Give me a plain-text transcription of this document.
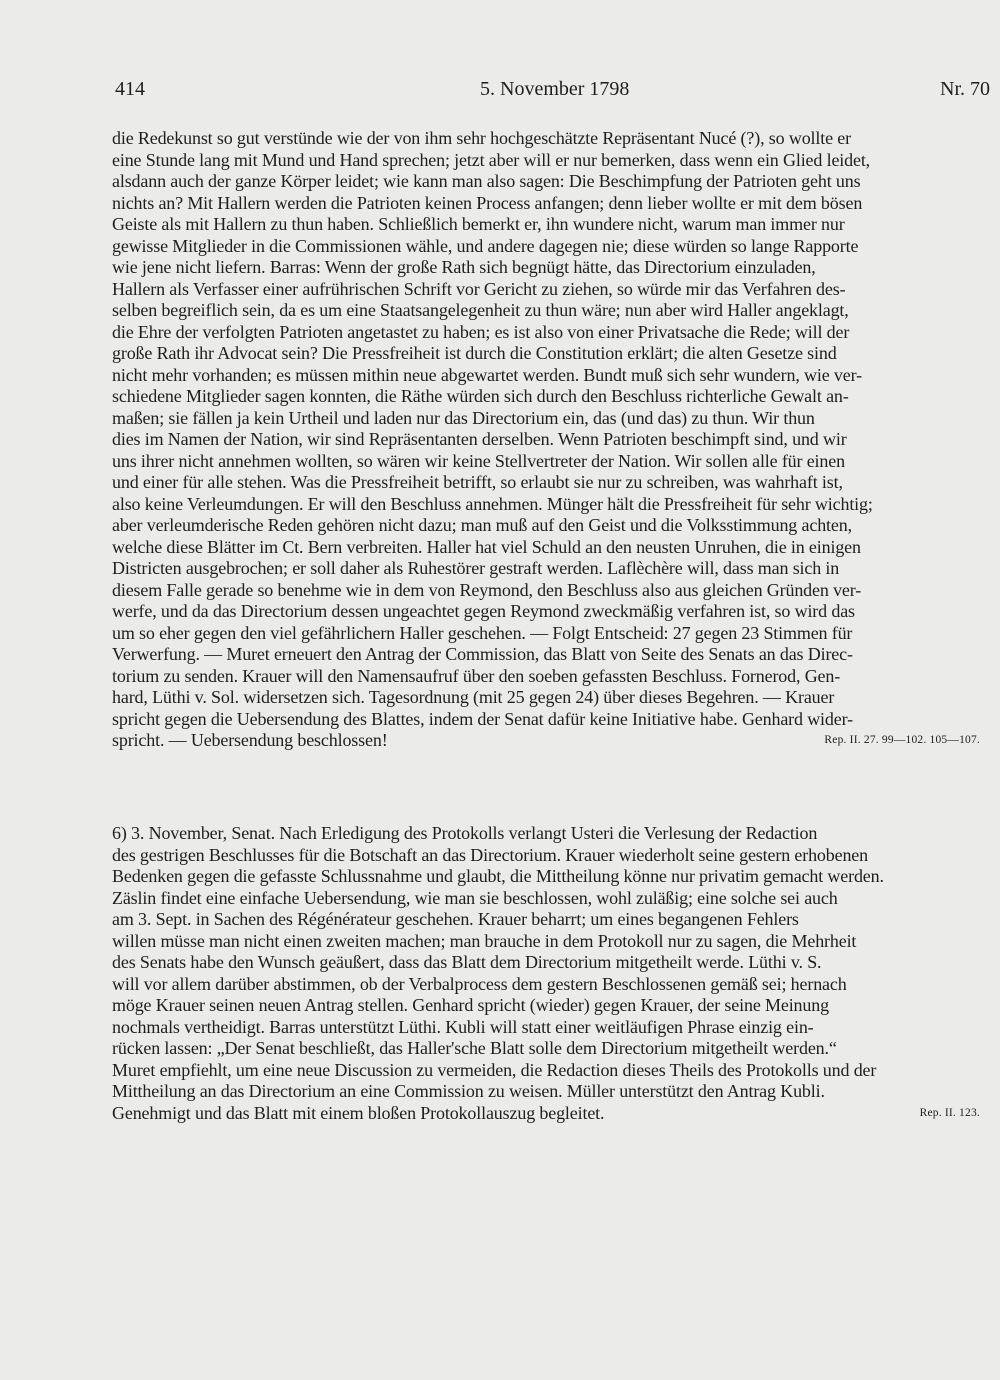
414	5. November 1798	Nr. 70
die Redekunst so gut verstünde wie der von ihm sehr hochgeschätzte Repräsentant Nucé (?), so wollte er
eine Stunde lang mit Mund und Hand sprechen; jetzt aber will er nur bemerken, dass wenn ein Glied leidet,
alsdann auch der ganze Körper leidet; wie kann man also sagen: Die Beschimpfung der Patrioten geht uns
nichts an? Mit Hallern werden die Patrioten keinen Process anfangen; denn lieber wollte er mit dem bösen
Geiste als mit Hallern zu thun haben. Schließlich bemerkt er, ihn wundere nicht, warum man immer nur
gewisse Mitglieder in die Commissionen wähle, und andere dagegen nie; diese würden so lange Rapporte
wie jene nicht liefern. Barras: Wenn der große Rath sich begnügt hätte, das Directorium einzuladen,
Hallern als Verfasser einer aufrührischen Schrift vor Gericht zu ziehen, so würde mir das Verfahren des-
selben begreiflich sein, da es um eine Staatsangelegenheit zu thun wäre; nun aber wird Haller angeklagt,
die Ehre der verfolgten Patrioten angetastet zu haben; es ist also von einer Privatsache die Rede; will der
große Rath ihr Advocat sein? Die Pressfreiheit ist durch die Constitution erklärt; die alten Gesetze sind
nicht mehr vorhanden; es müssen mithin neue abgewartet werden. Bundt muß sich sehr wundern, wie ver-
schiedene Mitglieder sagen konnten, die Räthe würden sich durch den Beschluss richterliche Gewalt an-
maßen; sie fällen ja kein Urtheil und laden nur das Directorium ein, das (und das) zu thun. Wir thun
dies im Namen der Nation, wir sind Repräsentanten derselben. Wenn Patrioten beschimpft sind, und wir
uns ihrer nicht annehmen wollten, so wären wir keine Stellvertreter der Nation. Wir sollen alle für einen
und einer für alle stehen. Was die Pressfreiheit betrifft, so erlaubt sie nur zu schreiben, was wahrhaft ist,
also keine Verleumdungen. Er will den Beschluss annehmen. Münger hält die Pressfreiheit für sehr wichtig;
aber verleumderische Reden gehören nicht dazu; man muß auf den Geist und die Volksstimmung achten,
welche diese Blätter im Ct. Bern verbreiten. Haller hat viel Schuld an den neusten Unruhen, die in einigen
Districten ausgebrochen; er soll daher als Ruhestörer gestraft werden. Laflèchère will, dass man sich in
diesem Falle gerade so benehme wie in dem von Reymond, den Beschluss also aus gleichen Gründen ver-
werfe, und da das Directorium dessen ungeachtet gegen Reymond zweckmäßig verfahren ist, so wird das
um so eher gegen den viel gefährlichern Haller geschehen. — Folgt Entscheid: 27 gegen 23 Stimmen für
Verwerfung. — Muret erneuert den Antrag der Commission, das Blatt von Seite des Senats an das Direc-
torium zu senden. Krauer will den Namensaufruf über den soeben gefassten Beschluss. Fornerod, Gen-
hard, Lüthi v. Sol. widersetzen sich. Tagesordnung (mit 25 gegen 24) über dieses Begehren. — Krauer
spricht gegen die Uebersendung des Blattes, indem der Senat dafür keine Initiative habe. Genhard wider-
spricht. — Uebersendung beschlossen!	Rep. II. 27. 99—102. 105—107.
6) 3. November, Senat. Nach Erledigung des Protokolls verlangt Usteri die Verlesung der Redaction
des gestrigen Beschlusses für die Botschaft an das Directorium. Krauer wiederholt seine gestern erhobenen
Bedenken gegen die gefasste Schlussnahme und glaubt, die Mittheilung könne nur privatim gemacht werden.
Zäslin findet eine einfache Uebersendung, wie man sie beschlossen, wohl zuläßig; eine solche sei auch
am 3. Sept. in Sachen des Régénérateur geschehen. Krauer beharrt; um eines begangenen Fehlers
willen müsse man nicht einen zweiten machen; man brauche in dem Protokoll nur zu sagen, die Mehrheit
des Senats habe den Wunsch geäußert, dass das Blatt dem Directorium mitgetheilt werde. Lüthi v. S.
will vor allem darüber abstimmen, ob der Verbalprocess dem gestern Beschlossenen gemäß sei; hernach
möge Krauer seinen neuen Antrag stellen. Genhard spricht (wieder) gegen Krauer, der seine Meinung
nochmals vertheidigt. Barras unterstützt Lüthi. Kubli will statt einer weitläufigen Phrase einzig ein-
rücken lassen: „Der Senat beschließt, das Haller'sche Blatt solle dem Directorium mitgetheilt werden.“
Muret empfiehlt, um eine neue Discussion zu vermeiden, die Redaction dieses Theils des Protokolls und der
Mittheilung an das Directorium an eine Commission zu weisen. Müller unterstützt den Antrag Kubli.
Genehmigt und das Blatt mit einem bloßen Protokollauszug begleitet.	Rep. II. 123.
